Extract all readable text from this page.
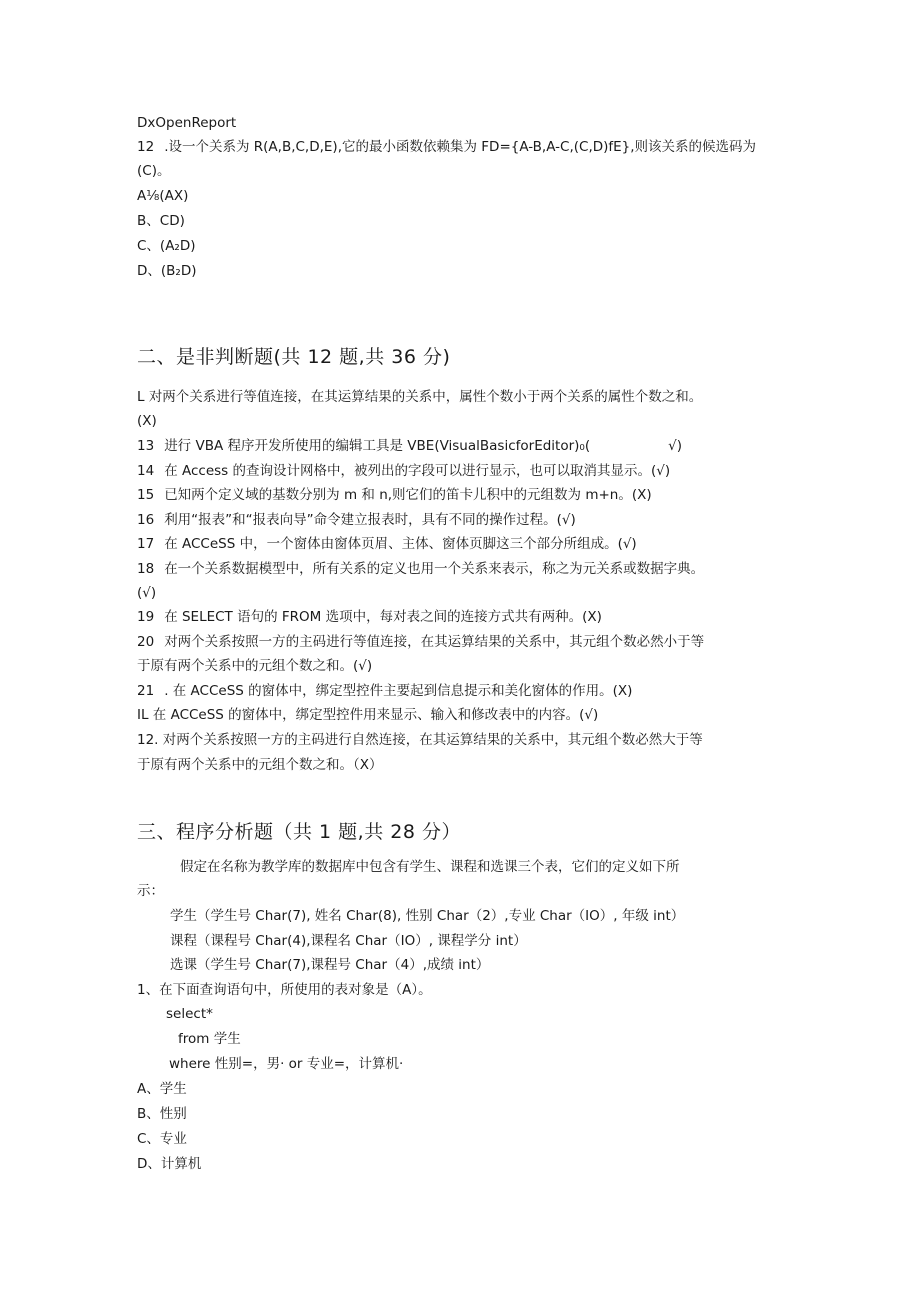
DxOpenReport
12 .设一个关系为 R(A,B,C,D,E),它的最小函数依赖集为 FD={A-B,A-C,(C,D)fE},则该关系的候选码为
(C)。
A⅛(AX)
B、CD)
C、(A₂D)
D、(B₂D)
二、是非判断题(共 12 题,共 36 分)
L 对两个关系进行等值连接，在其运算结果的关系中，属性个数小于两个关系的属性个数之和。
(X)
13 进行 VBA 程序开发所使用的编辑工具是 VBE(VisualBasicforEditor)₀(	√)
14 在 Access 的查询设计网格中，被列出的字段可以进行显示，也可以取消其显示。(√)
15 已知两个定义域的基数分别为 m 和 n,则它们的笛卡儿积中的元组数为 m+n。(X)
16 利用“报表”和“报表向导”命令建立报表时，具有不同的操作过程。(√)
17 在 ACCeSS 中，一个窗体由窗体页眉、主体、窗体页脚这三个部分所组成。(√)
18 在一个关系数据模型中，所有关系的定义也用一个关系来表示，称之为元关系或数据字典。
(√)
19 在 SELECT 语句的 FROM 选项中，每对表之间的连接方式共有两种。(X)
20 对两个关系按照一方的主码进行等值连接，在其运算结果的关系中，其元组个数必然小于等
于原有两个关系中的元组个数之和。(√)
21 . 在 ACCeSS 的窗体中，绑定型控件主要起到信息提示和美化窗体的作用。(X)
IL 在 ACCeSS 的窗体中，绑定型控件用来显示、输入和修改表中的内容。(√)
12. 对两个关系按照一方的主码进行自然连接，在其运算结果的关系中，其元组个数必然大于等
于原有两个关系中的元组个数之和。（X）
三、程序分析题（共 1 题,共 28 分）
假定在名称为教学库的数据库中包含有学生、课程和选课三个表，它们的定义如下所
示：
学生（学生号 Char(7), 姓名 Char(8), 性别 Char（2）,专业 Char（IO）, 年级 int）
课程（课程号 Char(4),课程名 Char（IO）, 课程学分 int）
选课（学生号 Char(7),课程号 Char（4）,成绩 int）
1、在下面查询语句中，所使用的表对象是（A）。
select*
from 学生
where 性别=，男· or 专业=，计算机·
A、学生
B、性别
C、专业
D、计算机
